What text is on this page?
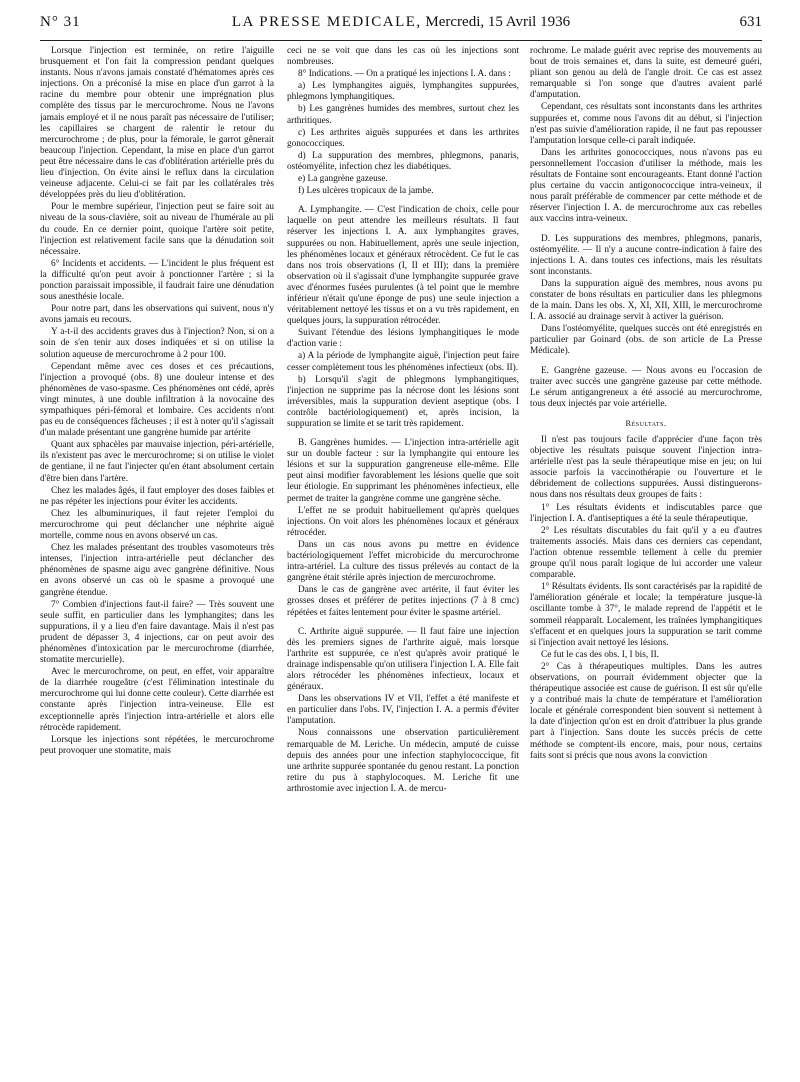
N° 31	LA PRESSE MEDICALE, Mercredi, 15 Avril 1936	631

Lorsque l'injection est terminée, on retire l'aiguille brusquement et l'on fait la compression pendant quelques instants. Nous n'avons jamais constaté d'hématomes après ces injections. On a préconisé la mise en place d'un garrot à la racine du membre pour obtenir une imprégnation plus complète des tissus par le mercurochrome. Nous ne l'avons jamais employé et il ne nous paraît pas nécessaire de l'utiliser; les capillaires se chargent de ralentir le retour du mercurochrome ; de plus, pour la fémorale, le garrot gênerait beaucoup l'injection. Cependant, la mise en place d'un garrot peut être nécessaire dans le cas d'oblitération artérielle près du lieu d'injection. On évite ainsi le reflux dans la circulation veineuse adjacente. Celui-ci se fait par les collatérales très développées près du lieu d'oblitération.

Pour le membre supérieur, l'injection peut se faire soit au niveau de la sous-clavière, soit au niveau de l'humérale au pli du coude. En ce dernier point, quoique l'artère soit petite, l'injection est relativement facile sans que la dénudation soit nécessaire.

6° Incidents et accidents. — L'incident le plus fréquent est la difficulté qu'on peut avoir à ponctionner l'artère ; si la ponction paraissait impossible, il faudrait faire une dénudation sous anesthésie locale.

Pour notre part, dans les observations qui suivent, nous n'y avons jamais eu recours.

Y a-t-il des accidents graves dus à l'injection? Non, si on a soin de s'en tenir aux doses indiquées et si on utilise la solution aqueuse de mercurochrome à 2 pour 100.

Cependant même avec ces doses et ces précautions, l'injection a provoqué (obs. 8) une douleur intense et des phénomènes de vaso-spasme. Ces phénomènes ont cédé, après vingt minutes, à une double infiltration à la novocaïne des sympathiques péri-fémoral et lombaire. Ces accidents n'ont pas eu de conséquences fâcheuses ; il est à noter qu'il s'agissait d'un malade présentant une gangrène humide par artérite

Quant aux sphacèles par mauvaise injection, péri-artérielle, ils n'existent pas avec le mercurochrome; si on utilise le violet de gentiane, il ne faut l'injecter qu'en étant absolument certain d'être bien dans l'artère.

Chez les malades âgés, il faut employer des doses faibles et ne pas répéter les injections pour éviter les accidents.

Chez les albuminuriques, il faut rejeter l'emploi du mercurochrome qui peut déclancher une néphrite aiguë mortelle, comme nous en avons observé un cas.

Chez les malades présentant des troubles vasomoteurs très intenses, l'injection intra-artérielle peut déclancher des phénomènes de spasme aigu avec gangrène définitive. Nous en avons observé un cas où le spasme a provoqué une gangrène étendue.

7° Combien d'injections faut-il faire? — Très souvent une seule suffit, en particulier dans les lymphangites; dans les suppurations, il y a lieu d'en faire davantage. Mais il n'est pas prudent de dépasser 3, 4 injections, car on peut avoir des phénomènes d'intoxication par le mercurochrome (diarrhée, stomatite mercurielle).

Avec le mercurochrome, on peut, en effet, voir apparaître de la diarrhée rougeâtre (c'est l'élimination intestinale du mercurochrome qui lui donne cette couleur). Cette diarrhée est constante après l'injection intra-veineuse. Elle est exceptionnelle après l'injection intra-artérielle et alors elle rétrocède rapidement.

Lorsque les injections sont répétées, le mercurochrome peut provoquer une stomatite, mais

ceci ne se voit que dans les cas où les injections sont nombreuses.

8° Indications. — On a pratiqué les injections I. A. dans :

a) Les lymphangites aiguës, lymphangites suppurées, phlegmons lymphangitiques.

b) Les gangrènes humides des membres, surtout chez les arthritiques.

c) Les arthrites aiguës suppurées et dans les arthrites gonococciques.

d) La suppuration des membres, phlegmons, panaris, ostéomyélite, infection chez les diabétiques.

e) La gangrène gazeuse.

f) Les ulcères tropicaux de la jambe.

A. Lymphangite. — C'est l'indication de choix, celle pour laquelle on peut attendre les meilleurs résultats. Il faut réserver les injections I. A. aux lymphangites graves, suppurées ou non. Habituellement, après une seule injection, les phénomènes locaux et généraux rétrocèdent. Ce fut le cas dans nos trois observations (I, II et III); dans la première observation où il s'agissait d'une lymphangite suppurée grave avec d'énormes fusées purulentes (à tel point que le membre inférieur n'était qu'une éponge de pus) une seule injection a véritablement nettoyé les tissus et on a vu très rapidement, en quelques jours, la suppuration rétrocéder.

Suivant l'étendue des lésions lymphangitiques le mode d'action varie :

a) A la période de lymphangite aiguë, l'injection peut faire cesser complètement tous les phénomènes infectieux (obs. II).

b) Lorsqu'il s'agit de phlegmons lymphangitiques, l'injection ne supprime pas la nécrose dont les lésions sont irréversibles, mais la suppuration devient aseptique (obs. I contrôle bactériologiquement) et, après incision, la suppuration se limite et se tarit très rapidement.

B. Gangrènes humides. — L'injection intra-artérielle agit sur un double facteur : sur la lymphangite qui entoure les lésions et sur la suppuration gangreneuse elle-même. Elle peut ainsi modifier favorablement les lésions quelle que soit leur étiologie. En supprimant les phénomènes infectieux, elle permet de traiter la gangrène comme une gangrène sèche.

L'effet ne se produit habituellement qu'après quelques injections. On voit alors les phénomènes locaux et généraux rétrocéder.

Dans un cas nous avons pu mettre en évidence bactériologiquement l'effet microbicide du mercurochrome intra-artériel. La culture des tissus prélevés au contact de la gangrène était stérile après injection de mercurochrome.

Dans le cas de gangrène avec artérite, il faut éviter les grosses doses et préférer de petites injections (7 à 8 cmc) répétées et faites lentement pour éviter le spasme artériel.

C. Arthrite aiguë suppurée. — Il faut faire une injection dès les premiers signes de l'arthrite aiguë, mais lorsque l'arthrite est suppurée, ce n'est qu'après avoir pratiqué le drainage indispensable qu'on utilisera l'injection I. A. Elle fait alors rétrocéder les phénomènes infectieux, locaux et généraux.

Dans les observations IV et VII, l'effet a été manifeste et en particulier dans l'obs. IV, l'injection I. A. a permis d'éviter l'amputation.

Nous connaissons une observation particulièrement remarquable de M. Leriche. Un médecin, amputé de cuisse depuis des années pour une infection staphylococcique, fit une arthrite suppurée spontanée du genou restant. La ponction retire du pus à staphylocoques. M. Leriche fit une arthrostomie avec injection I. A. de mercu-

rochrome. Le malade guérit avec reprise des mouvements au bout de trois semaines et, dans la suite, est demeuré guéri, pliant son genou au delà de l'angle droit. Ce cas est assez remarquable si l'on songe que d'autres avaient parlé d'amputation.

Cependant, ces résultats sont inconstants dans les arthrites suppurées et, comme nous l'avons dit au début, si l'injection n'est pas suivie d'amélioration rapide, il ne faut pas repousser l'amputation lorsque celle-ci paraît indiquée.

Dans les arthrites gonococciques, nous n'avons pas eu personnellement l'occasion d'utiliser la méthode, mais les résultats de Fontaine sont encourageants. Etant donné l'action plus certaine du vaccin antigonococcique intra-veineux, il nous paraît préférable de commencer par cette méthode et de réserver l'injection I. A. de mercurochrome aux cas rebelles aux vaccins intra-veineux.

D. Les suppurations des membres, phlegmons, panaris, ostéomyélite. — Il n'y a aucune contre-indication à faire des injections I. A. dans toutes ces infections, mais les résultats sont inconstants.

Dans la suppuration aiguë des membres, nous avons pu constater de bons résultats en particulier dans les phlegmons de la main. Dans les obs. X, XI, XII, XIII, le mercurochrome I. A. associé au drainage servit à activer la guérison.

Dans l'ostéomyélite, quelques succès ont été enregistrés en particulier par Goinard (obs. de son article de La Presse Médicale).

E. Gangrène gazeuse. — Nous avons eu l'occasion de traiter avec succès une gangrène gazeuse par cette méthode. Le sérum antigangreneux a été associé au mercurochrome, tous deux injectés par voie artérielle.

Résultats.

Il n'est pas toujours facile d'apprécier d'une façon très objective les résultats puisque souvent l'injection intra-artérielle n'est pas la seule thérapeutique mise en jeu; on lui associe parfois la vaccinothérapie ou l'ouverture et le débridement de collections suppurées. Aussi distinguerons-nous dans nos résultats deux groupes de faits :

1° Les résultats évidents et indiscutables parce que l'injection I. A. d'antiseptiques a été la seule thérapeutique.

2° Les résultats discutables du fait qu'il y a eu d'autres traitements associés. Mais dans ces derniers cas cependant, l'action obtenue ressemble tellement à celle du premier groupe qu'il nous paraît logique de lui accorder une valeur comparable.

1° Résultats évidents. Ils sont caractérisés par la rapidité de l'amélioration générale et locale; la température jusque-là oscillante tombe à 37°, le malade reprend de l'appétit et le sommeil réapparaît. Localement, les traînées lymphangitiques s'effacent et en quelques jours la suppuration se tarit comme si l'injection avait nettoyé les lésions.

Ce fut le cas des obs. I, I bis, II.

2° Cas à thérapeutiques multiples. Dans les autres observations, on pourrait évidemment objecter que la thérapeutique associée est cause de guérison. Il est sûr qu'elle y a contribué mais la chute de température et l'amélioration locale et générale correspondent bien souvent si nettement à la date d'injection qu'on est en droit d'attribuer la plus grande part à l'injection. Sans doute les succès précis de cette méthode se comptent-ils encore, mais, pour nous, certains faits sont si précis que nous avons la conviction
